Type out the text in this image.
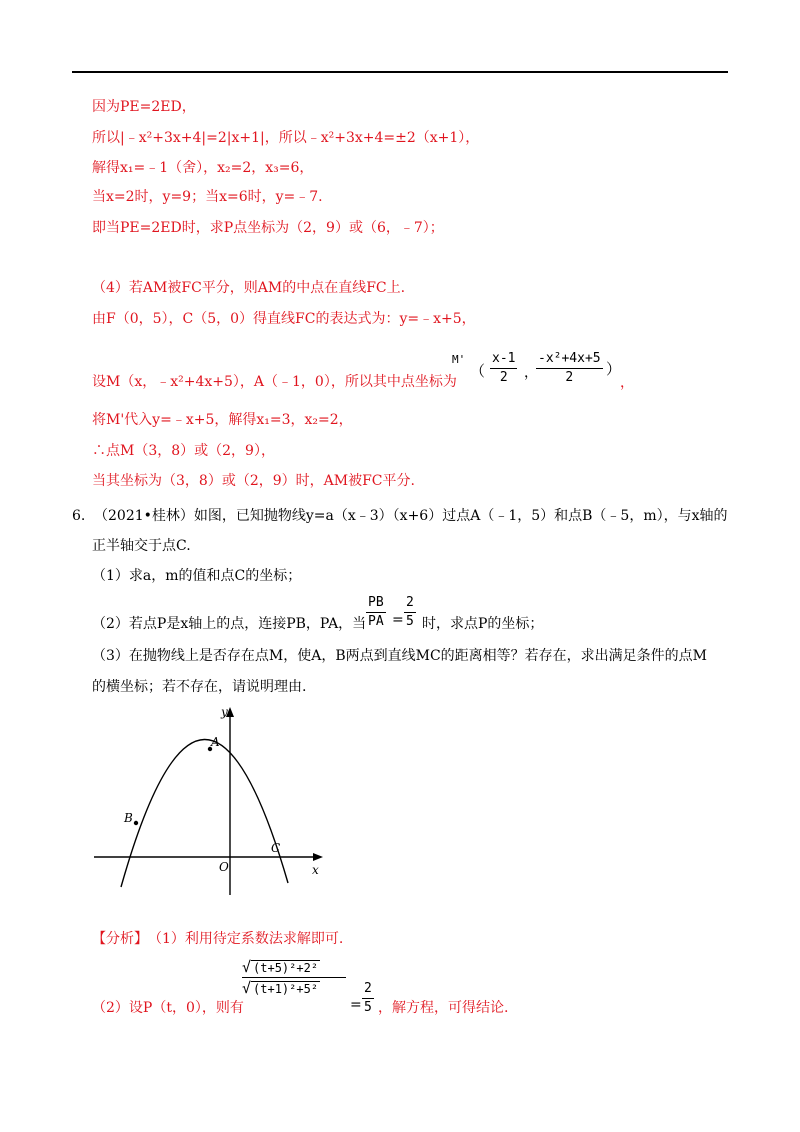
因为PE=2ED，
所以|﹣x²+3x+4|=2|x+1|，所以﹣x²+3x+4=±2（x+1），
解得x₁=﹣1（舍），x₂=2，x₃=6，
当x=2时，y=9；当x=6时，y=﹣7.
即当PE=2ED时，求P点坐标为（2，9）或（6，﹣7）；
（4）若AM被FC平分，则AM的中点在直线FC上.
由F（0，5），C（5，0）得直线FC的表达式为：y=﹣x+5，
设M（x，﹣x²+4x+5），A（﹣1，0），所以其中点坐标为
M'
（ $\frac{x-1}{2}$ ，
$\frac{\text{-x²+4x+5}}{2}$ ）
，
将M'代入y=﹣x+5，解得x₁=3，x₂=2，
∴点M（3，8）或（2，9），
当其坐标为（3，8）或（2，9）时，AM被FC平分.
6. （2021•桂林）如图，已知抛物线y=a（x﹣3）（x+6）过点A（﹣1，5）和点B（﹣5，m），与x轴的
正半轴交于点C.
（1）求a，m的值和点C的坐标；
（2）若点P是x轴上的点，连接PB，PA，当 $\frac{PB}{PA} = \frac{2}{5}$ 时，求点P的坐标；
（3）在抛物线上是否存在点M，使A，B两点到直线MC的距离相等？若存在，求出满足条件的点M
的横坐标；若不存在，请说明理由.
y
x
O
A
B
C
【分析】 （1）利用待定系数法求解即可.
（2）设P（t，0），则有
$\frac{\text{√ (t+5)²+2²}}{\text{√ (t+1)²+5²}}$
= $\frac{2}{5}$ ，解方程，可得结论.
